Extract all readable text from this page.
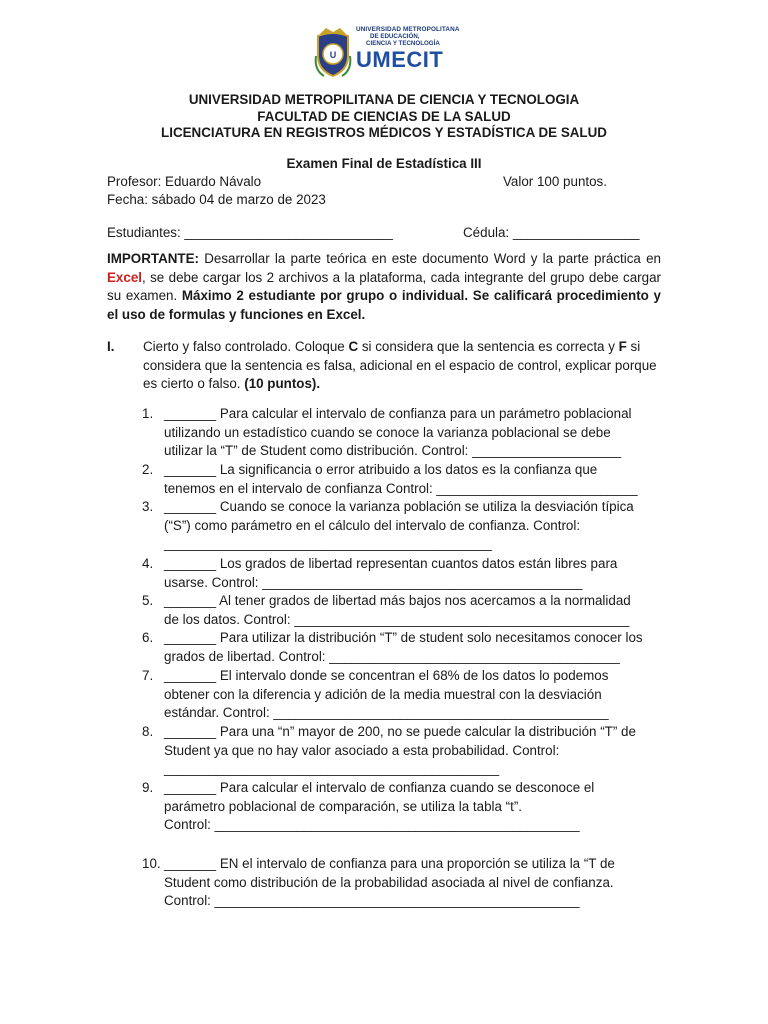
U
UNIVERSIDAD METROPOLITANA
DE EDUCACIÓN,
CIENCIA Y TECNOLOGÍA
UMECIT
UNIVERSIDAD METROPILITANA DE CIENCIA Y TECNOLOGIA
FACULTAD DE CIENCIAS DE LA SALUD
LICENCIATURA EN REGISTROS MÉDICOS Y ESTADÍSTICA DE SALUD
Examen Final de Estadística III
Profesor: Eduardo Návalo	Valor 100 puntos.
Fecha: sábado 04 de marzo de 2023
Estudiantes: ____________________________	Cédula: _________________
IMPORTANTE: Desarrollar la parte teórica en este documento Word y la parte práctica en Excel, se debe cargar los 2 archivos a la plataforma, cada integrante del grupo debe cargar su examen. Máximo 2 estudiante por grupo o individual. Se calificará procedimiento y el uso de formulas y funciones en Excel.
I. Cierto y falso controlado. Coloque C si considera que la sentencia es correcta y F si considera que la sentencia es falsa, adicional en el espacio de control, explicar porque es cierto o falso. (10 puntos).
1. _______ Para calcular el intervalo de confianza para un parámetro poblacional
utilizando un estadístico cuando se conoce la varianza poblacional se debe
utilizar la “T” de Student como distribución. Control: ____________________
2. _______ La significancia o error atribuido a los datos es la confianza que
tenemos en el intervalo de confianza Control: ___________________________
3. _______ Cuando se conoce la varianza población se utiliza la desviación típica
(“S”) como parámetro en el cálculo del intervalo de confianza. Control:
____________________________________________
4. _______ Los grados de libertad representan cuantos datos están libres para
usarse. Control: ___________________________________________
5. _______ Al tener grados de libertad más bajos nos acercamos a la normalidad
de los datos. Control: _____________________________________________
6. _______ Para utilizar la distribución “T” de student solo necesitamos conocer los
grados de libertad. Control: _______________________________________
7. _______ El intervalo donde se concentran el 68% de los datos lo podemos
obtener con la diferencia y adición de la media muestral con la desviación
estándar. Control: _____________________________________________
8. _______ Para una “n” mayor de 200, no se puede calcular la distribución “T” de
Student ya que no hay valor asociado a esta probabilidad. Control:
_____________________________________________
9. _______ Para calcular el intervalo de confianza cuando se desconoce el
parámetro poblacional de comparación, se utiliza la tabla “t”.
Control: _________________________________________________
10. _______ EN el intervalo de confianza para una proporción se utiliza la “T de
Student como distribución de la probabilidad asociada al nivel de confianza.
Control: _________________________________________________
